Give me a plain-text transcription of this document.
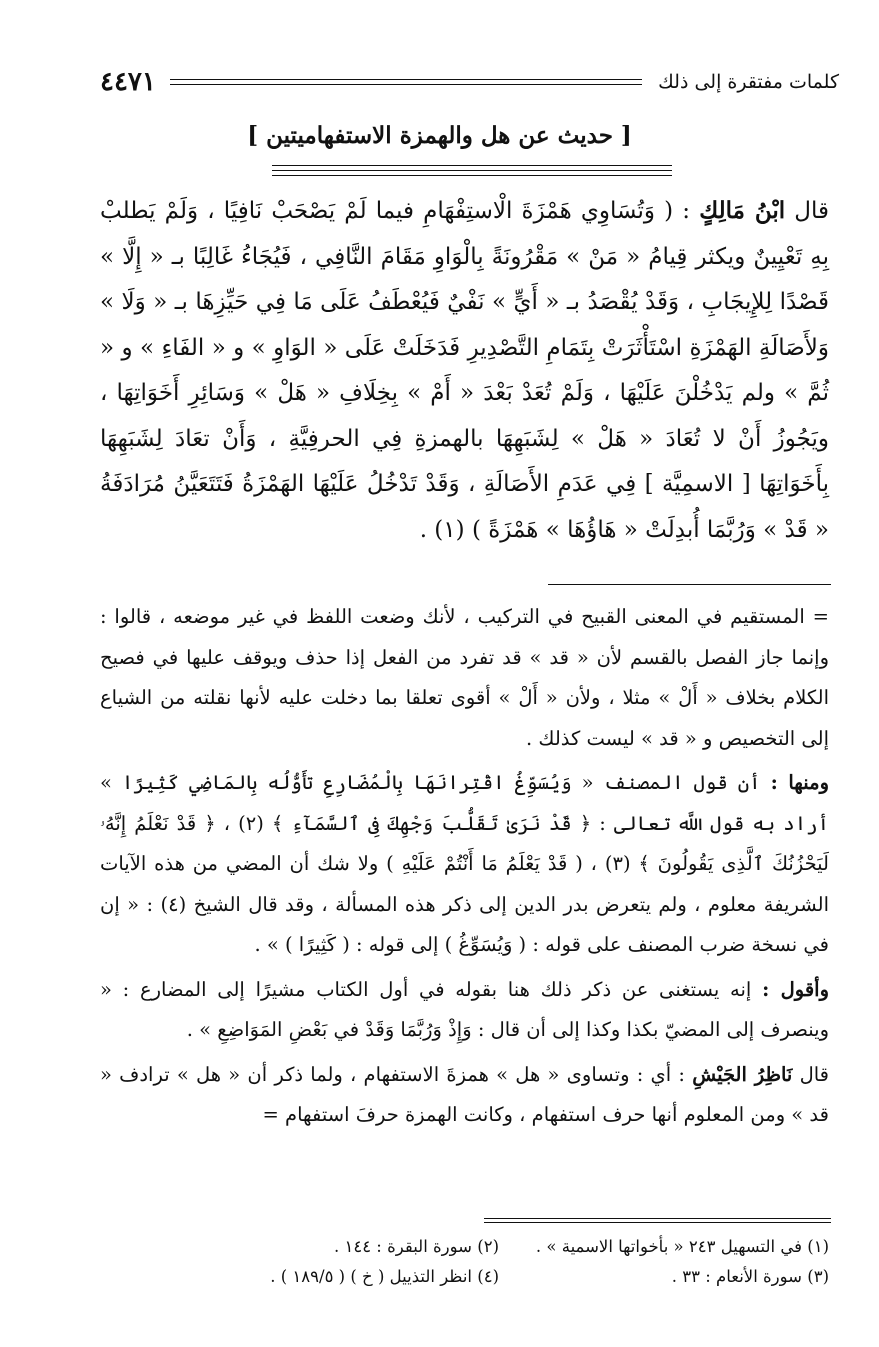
كلمات مفتقرة إلى ذلك
٤٤٧١
[ حديث عن هل والهمزة الاستفهاميتين ]

قال ابْنُ مَالِكٍ : ( وَتُسَاوِي هَمْزَةَ الْاستِفْهَامِ فيما لَمْ يَصْحَبْ نَافِيًا ، وَلَمْ يَطلبْ بِهِ تَعْيِينٌ ويكثر قِيامُ « مَنْ » مَقْرُونَةً بِالْوَاوِ مَقَامَ النَّافِي ، فَيُجَاءُ غَالِبًا بـ « إِلَّا » قَصْدًا لِلإِيجَابِ ، وَقَدْ يُقْصَدُ بـ « أَيٍّ » نَفْيٌ فَيُعْطَفُ عَلَى مَا فِي حَيِّزِهَا بـ « وَلَا » وَلأَصَالَةِ الهَمْزَةِ اسْتَأْثَرَتْ بِتَمَامِ التَّصْدِيرِ فَدَخَلَتْ عَلَى « الوَاوِ » و « الفَاءِ » و « ثُمَّ » ولم يَدْخُلْنَ عَلَيْهَا ، وَلَمْ تُعَدْ بَعْدَ « أَمْ » بِخِلَافِ « هَلْ » وَسَائِرِ أَخَوَاتِهَا ، ويَجُوزُ أَنْ لا تُعَادَ « هَلْ » لِشَبَهِهَا بالهمزةِ فِي الحرفِيَّةِ ، وَأَنْ تعَادَ لِشَبَهِهَا بِأَخَوَاتِهَا [ الاسمِيَّة ] فِي عَدَمِ الأَصَالَةِ ، وَقَدْ تَدْخُلُ عَلَيْهَا الهَمْزَةُ فَتَتَعَيَّنُ مُرَادَفَةُ « قَدْ » وَرُبَّمَا أُبدِلَتْ « هَاؤُهَا » هَمْزَةً ) (١) .

= المستقيم في المعنى القبيح في التركيب ، لأنك وضعت اللفظ في غير موضعه ، قالوا : وإنما جاز الفصل بالقسم لأن « قد » قد تفرد من الفعل إذا حذف ويوقف عليها في فصيح الكلام بخلاف « أَلْ » مثلا ، ولأن « أَلْ » أقوى تعلقا بما دخلت عليه لأنها نقلته من الشياع إلى التخصيص و « قد » ليست كذلك .

ومنها : أن قول المصنف « وَيُسَوِّغُ اقْتِرانَهَا بِالْمُضَارِعِ تأَوُّلُه بِالمَاضِي كَثِيرًا » أراد به قول اللَّه تعالى : ﴿ قَدْ نَرَىٰ تَقَلُّبَ وَجْهِكَ فِى ٱلسَّمَآءِ ﴾ (٢) ، ﴿ قَدْ نَعْلَمُ إِنَّهُۥ لَيَحْزُنُكَ ٱلَّذِى يَقُولُونَ ﴾ (٣) ، ( قَدْ يَعْلَمُ مَا أَنْتُمْ عَلَيْهِ ) ولا شك أن المضي من هذه الآيات الشريفة معلوم ، ولم يتعرض بدر الدين إلى ذكر هذه المسألة ، وقد قال الشيخ (٤) : « إن في نسخة ضرب المصنف على قوله : ( وَيُسَوِّغُ ) إلى قوله : ( كَثِيرًا ) » .

وأقول : إنه يستغنى عن ذكر ذلك هنا بقوله في أول الكتاب مشيرًا إلى المضارع : « وينصرف إلى المضيّ بكذا وكذا إلى أن قال : وَإِذْ وَرُبَّمَا وَقَدْ في بَعْضِ المَوَاضِعِ » .

قال نَاظِرُ الجَيْشِ : أي : وتساوى « هل » همزةَ الاستفهام ، ولما ذكر أن « هل » ترادف « قد » ومن المعلوم أنها حرف استفهام ، وكانت الهمزة حرفَ استفهام =

(١) في التسهيل ٢٤٣ « بأخواتها الاسمية » .
(٢) سورة البقرة : ١٤٤ .
(٣) سورة الأنعام : ٣٣ .
(٤) انظر التذييل ( خ ) ( ١٨٩/٥ ) .
